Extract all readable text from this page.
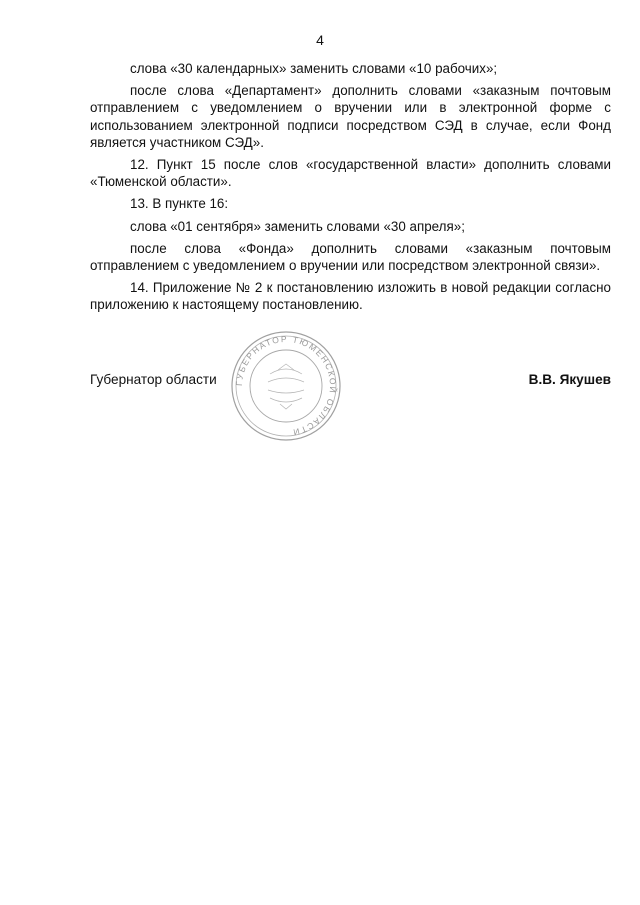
4

слова «30 календарных» заменить словами «10 рабочих»;

после слова «Департамент» дополнить словами «заказным почтовым отправлением с уведомлением о вручении или в электронной форме с использованием электронной подписи посредством СЭД в случае, если Фонд является участником СЭД».

12. Пункт 15 после слов «государственной власти» дополнить словами «Тюменской области».

13. В пункте 16:

слова «01 сентября» заменить словами «30 апреля»;

после слова «Фонда» дополнить словами «заказным почтовым отправлением с уведомлением о вручении или посредством электронной связи».

14. Приложение № 2 к постановлению изложить в новой редакции согласно приложению к настоящему постановлению.

ГУБЕРНАТОР ТЮМЕНСКОЙ ОБЛАСТИ
Губернатор области	В.В. Якушев
